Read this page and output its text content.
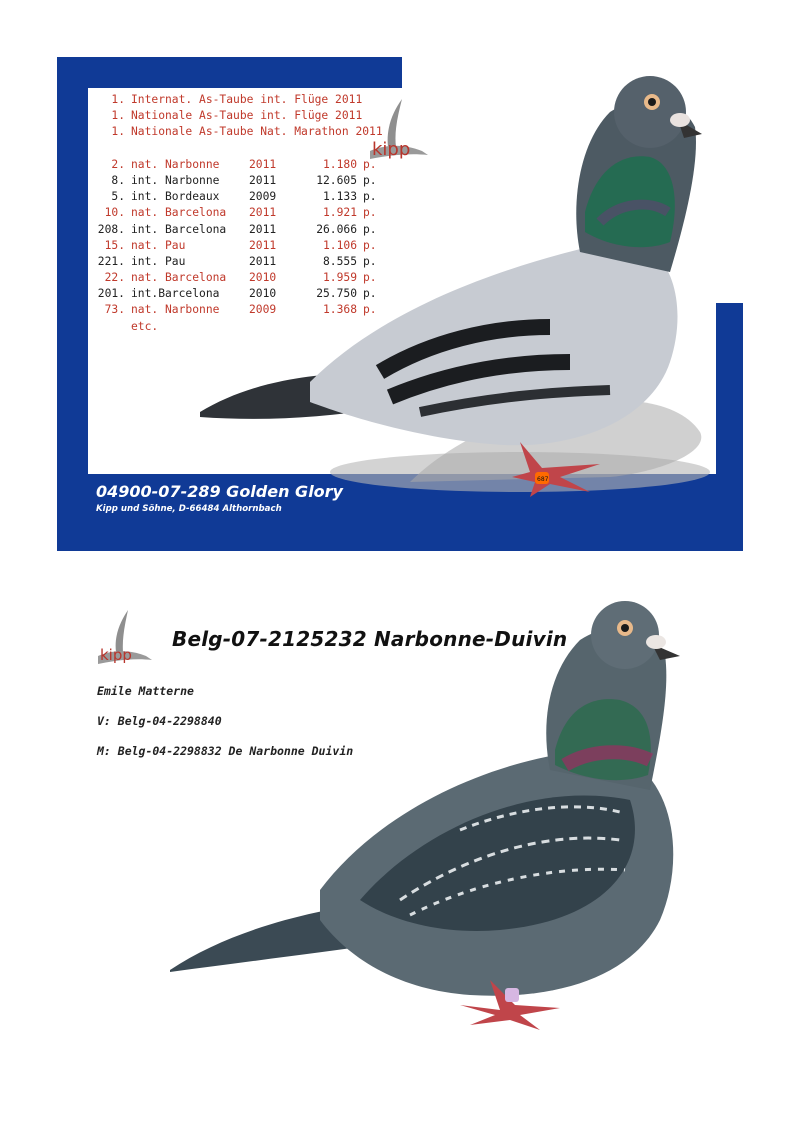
kipp
1. Internat. As-Taube int. Flüge 2011
1. Nationale As-Taube int. Flüge 2011
1. Nationale As-Taube Nat. Marathon 2011
2. nat. Narbonne	2011	1.180 p.
8. int. Narbonne	2011	12.605 p.
5. int. Bordeaux	2009	1.133 p.
10. nat. Barcelona 2011	1.921 p.
208. int. Barcelona 2011	26.066 p.
15. nat. Pau	2011	1.106 p.
221. int. Pau	2011	8.555 p.
22. nat. Barcelona 2010	1.959 p.
201. int.Barcelona	2010	25.750 p.
73. nat. Narbonne	2009	1.368 p.
etc.
687
04900-07-289 Golden Glory
Kipp und Söhne, D-66484 Althornbach
kipp
Belg-07-2125232 Narbonne-Duivin
Emile Matterne
V: Belg-04-2298840
M: Belg-04-2298832 De Narbonne Duivin
